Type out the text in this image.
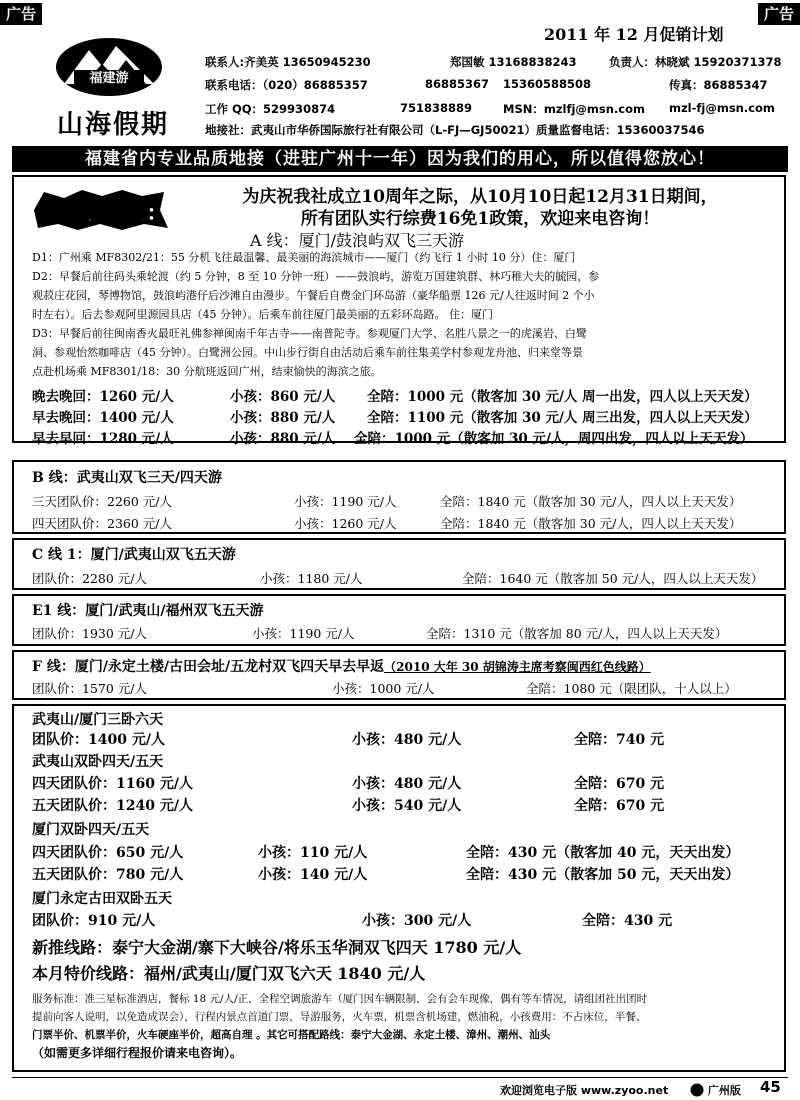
广告	广告
2011 年 12 月促销计划
福建游
山海假期
联系人:齐美英 13650945230	郑国敏 13168838243	负责人：林晓斌 15920371378
联系电话：（020）86885357	86885367 15360588508	传真：86885347
工作 QQ：529930874	751838889	MSN：mzlfj@msn.com mzl-fj@msn.com
地接社：武夷山市华侨国际旅行社有限公司（L-FJ—GJ50021）质量监督电话：15360037546
福建省内专业品质地接（进驻广州十一年）因为我们的用心，所以值得您放心！
特大喜讯:	为庆祝我社成立10周年之际，从10月10日起12月31日期间，
所有团队实行综费16免1政策，欢迎来电咨询！
A 线：厦门/鼓浪屿双飞三天游
D1：广州乘 MF8302/21：55 分机飞往最温馨、最美丽的海滨城市——厦门（约飞行 1 小时 10 分）住：厦门
D2：早餐后前往码头乘轮渡（约 5 分钟，8 至 10 分钟一班）——鼓浪屿，游览万国建筑群、林巧稚大夫的毓园，参
观菽庄花园，琴博物馆，鼓浪屿港仔后沙滩自由漫步。午餐后自费金门环岛游（豪华船票 126 元/人往返时间 2 个小
时左右）。后去参观阿里源园具店（45 分钟）。后乘车前往厦门最美丽的五彩环岛路。 住：厦门
D3：早餐后前往闽南香火最旺礼佛参禅闽南千年古寺——南普陀寺。参观厦门大学、名胜八景之一的虎溪岩、白鹭
洞、参观怡然咖啡店（45 分钟）。白鹭洲公园。中山步行街自由活动后乘车前往集美学村参观龙舟池、归来堂等景
点赴机场乘 MF8301/18：30 分航班返回广州，结束愉快的海滨之旅。
晚去晚回：1260 元/人	小孩：860 元/人 全陪：1000 元（散客加 30 元/人 周一出发，四人以上天天发）
早去晚回：1400 元/人	小孩：880 元/人 全陪：1100 元（散客加 30 元/人 周三出发，四人以上天天发）
早去早回：1280 元/人	小孩：880 元/人 全陪：1000 元（散客加 30 元/人，周四出发，四人以上天天发）
B 线：武夷山双飞三天/四天游
三天团队价：2260 元/人	小孩：1190 元/人	全陪：1840 元（散客加 30 元/人，四人以上天天发）
四天团队价：2360 元/人	小孩：1260 元/人	全陪：1840 元（散客加 30 元/人，四人以上天天发）
C 线 1：厦门/武夷山双飞五天游
团队价：2280 元/人	小孩：1180 元/人	全陪：1640 元（散客加 50 元/人，四人以上天天发）
E1 线：厦门/武夷山/福州双飞五天游
团队价：1930 元/人	小孩：1190 元/人	全陪：1310 元（散客加 80 元/人，四人以上天天发）
F 线：厦门/永定土楼/古田会址/五龙村双飞四天早去早返（2010 大年 30 胡锦涛主席考察闽西红色线路）
团队价：1570 元/人	小孩：1000 元/人	全陪：1080 元（限团队，十人以上）
武夷山/厦门三卧六天
团队价：1400 元/人	小孩：480 元/人	全陪：740 元
武夷山双卧四天/五天
四天团队价：1160 元/人	小孩：480 元/人	全陪：670 元
五天团队价：1240 元/人	小孩：540 元/人	全陪：670 元
厦门双卧四天/五天
四天团队价：650 元/人	小孩：110 元/人	全陪：430 元（散客加 40 元，天天出发）
五天团队价：780 元/人	小孩：140 元/人	全陪：430 元（散客加 50 元，天天出发）
厦门永定古田双卧五天
团队价：910 元/人	小孩：300 元/人	全陪：430 元
新推线路：泰宁大金湖/寨下大峡谷/将乐玉华洞双飞四天 1780 元/人
本月特价线路：福州/武夷山/厦门双飞六天 1840 元/人
服务标准：准三星标准酒店，餐标 18 元/人/正，全程空调旅游车（厦门因车辆限制，会有会车现像，偶有等车情况，请组团社出团时
提前向客人说明，以免造成误会），行程内景点首道门票，导游服务，火车票，机票含机场建，燃油税，小孩费用：不占床位，半餐、
门票半价、机票半价，火车硬座半价，超高自理 。其它可搭配路线：泰宁大金湖、永定土楼、漳州、潮州、汕头
（如需更多详细行程报价请来电咨询）。
欢迎浏览电子版 www.zyoo.net	广州版 45
